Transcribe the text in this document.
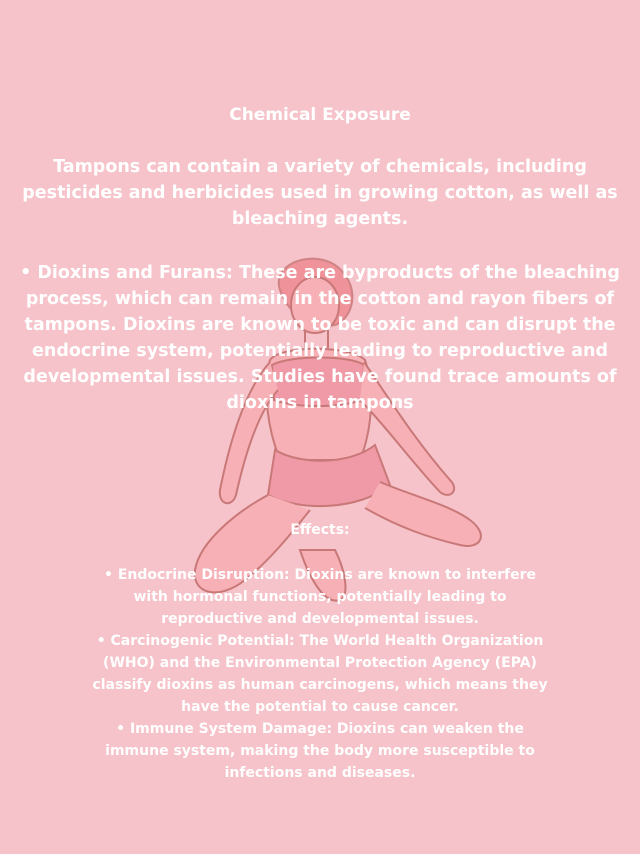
Chemical Exposure

Tampons can contain a variety of chemicals, including pesticides and herbicides used in growing cotton, as well as bleaching agents.

• Dioxins and Furans: These are byproducts of the bleaching process, which can remain in the cotton and rayon fibers of tampons. Dioxins are known to be toxic and can disrupt the endocrine system, potentially leading to reproductive and developmental issues. Studies have found trace amounts of dioxins in tampons

Effects:
• Endocrine Disruption: Dioxins are known to interfere with hormonal functions, potentially leading to reproductive and developmental issues.
• Carcinogenic Potential: The World Health Organization (WHO) and the Environmental Protection Agency (EPA) classify dioxins as human carcinogens, which means they have the potential to cause cancer.
• Immune System Damage: Dioxins can weaken the immune system, making the body more susceptible to infections and diseases.
